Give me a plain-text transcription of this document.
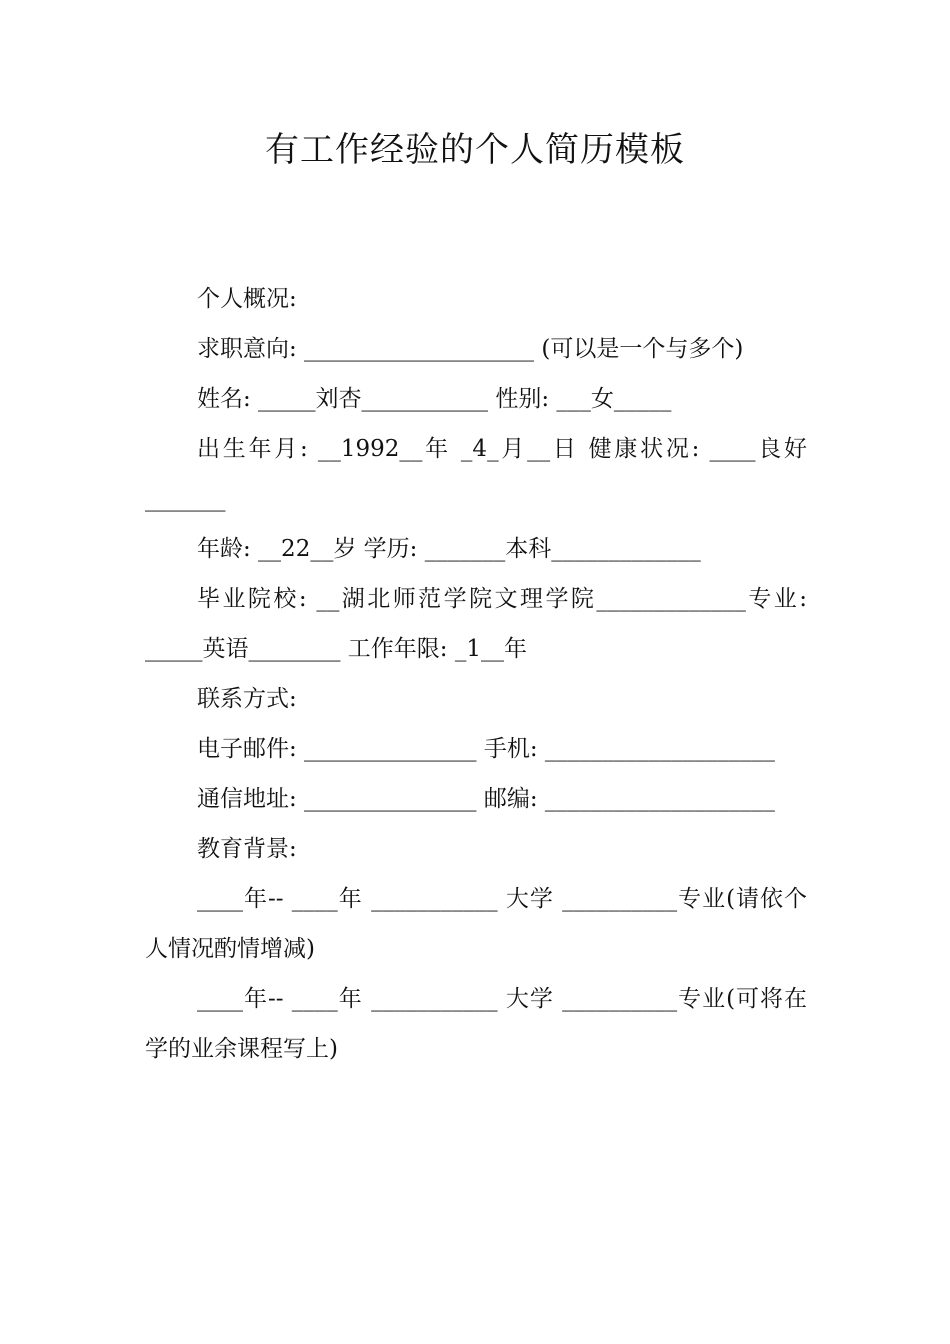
有工作经验的个人简历模板

个人概况:

求职意向: ____________________ (可以是一个与多个)

姓名: _____刘杏___________ 性别: ___女_____

出生年月: __1992__年 _4_月__日 健康状况: ____良好_______

年龄: __22__岁 学历: _______本科_____________

毕业院校: __湖北师范学院文理学院_____________专业: _____英语________ 工作年限: _1__年

联系方式:

电子邮件: _______________ 手机: ____________________

通信地址: _______________ 邮编: ____________________

教育背景:

____年-- ____年 ___________ 大学 __________专业(请依个人情况酌情增减)

____年-- ____年 ___________ 大学 __________专业(可将在学的业余课程写上)
